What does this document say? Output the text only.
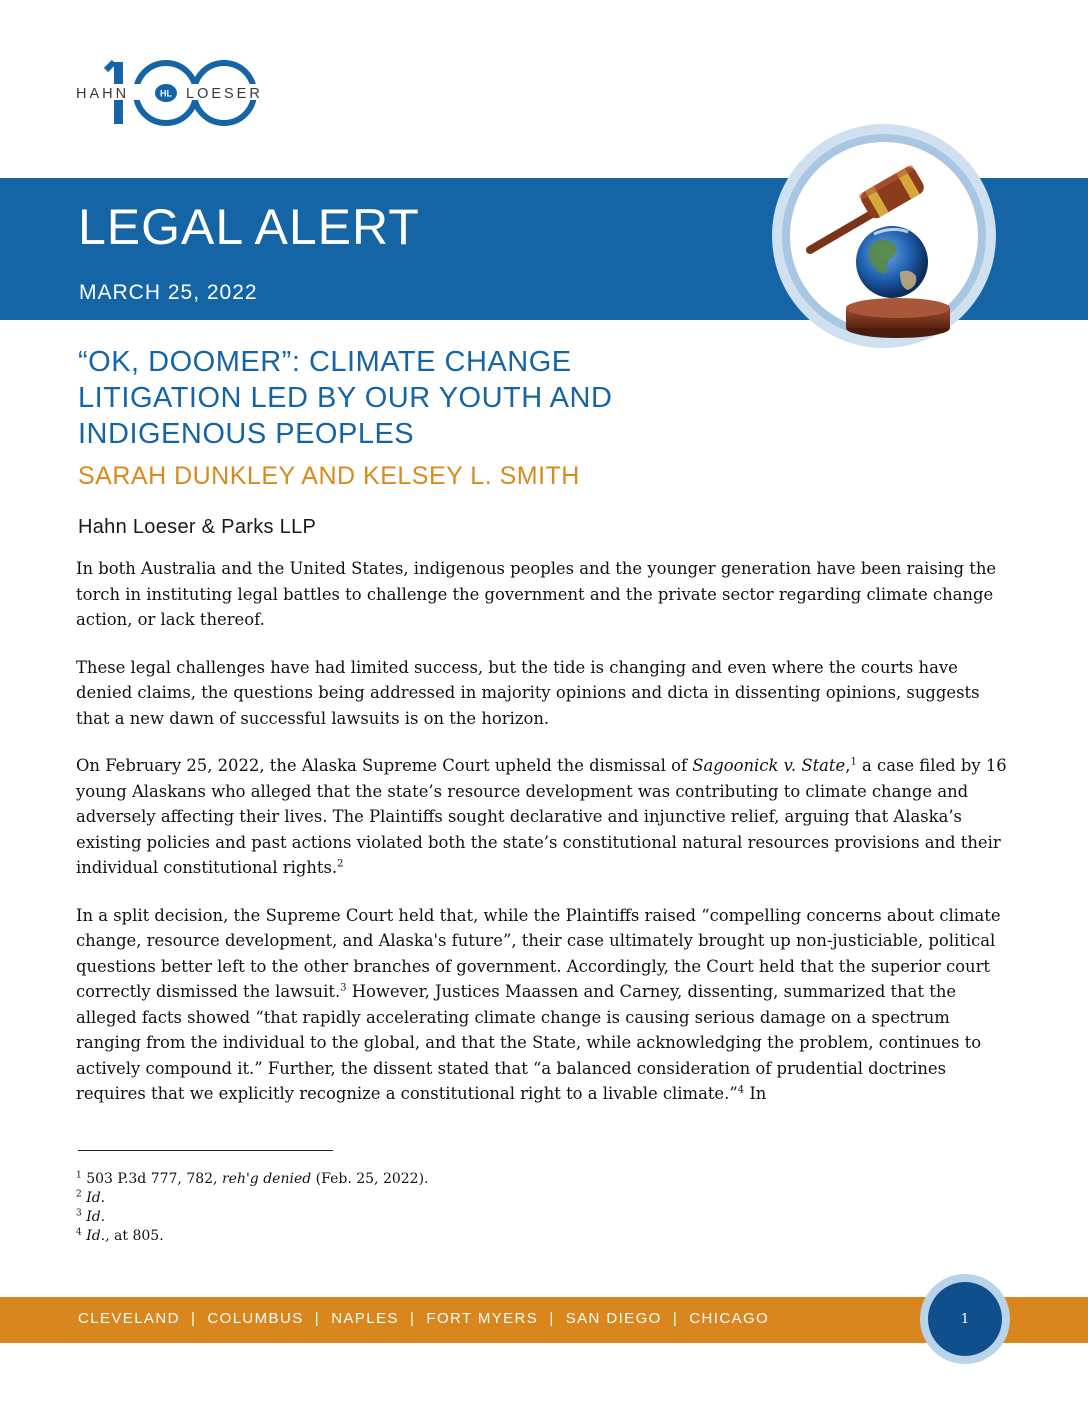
HL
HAHN	LOESER
LEGAL ALERT
MARCH 25, 2022
“OK, DOOMER”: CLIMATE CHANGE
LITIGATION LED BY OUR YOUTH AND
INDIGENOUS PEOPLES
SARAH DUNKLEY AND KELSEY L. SMITH
Hahn Loeser & Parks LLP

In both Australia and the United States, indigenous peoples and the younger generation have been raising the torch in instituting legal battles to challenge the government and the private sector regarding climate change action, or lack thereof.

These legal challenges have had limited success, but the tide is changing and even where the courts have denied claims, the questions being addressed in majority opinions and dicta in dissenting opinions, suggests that a new dawn of successful lawsuits is on the horizon.

On February 25, 2022, the Alaska Supreme Court upheld the dismissal of Sagoonick v. State,$^1$ a case filed by 16 young Alaskans who alleged that the state’s resource development was contributing to climate change and adversely affecting their lives. The Plaintiffs sought declarative and injunctive relief, arguing that Alaska’s existing policies and past actions violated both the state’s constitutional natural resources provisions and their individual constitutional rights.$^2$

In a split decision, the Supreme Court held that, while the Plaintiffs raised “compelling concerns about climate change, resource development, and Alaska's future”, their case ultimately brought up non-justiciable, political questions better left to the other branches of government. Accordingly, the Court held that the superior court correctly dismissed the lawsuit.$^3$ However, Justices Maassen and Carney, dissenting, summarized that the alleged facts showed “that rapidly accelerating climate change is causing serious damage on a spectrum ranging from the individual to the global, and that the State, while acknowledging the problem, continues to actively compound it.” Further, the dissent stated that “a balanced consideration of prudential doctrines requires that we explicitly recognize a constitutional right to a livable climate.”$^4$ In

$^1$ 503 P.3d 777, 782, reh'g denied (Feb. 25, 2022).
$^2$ Id.
$^3$ Id.
$^4$ Id., at 805.
CLEVELAND | COLUMBUS | NAPLES | FORT MYERS | SAN DIEGO | CHICAGO	1
